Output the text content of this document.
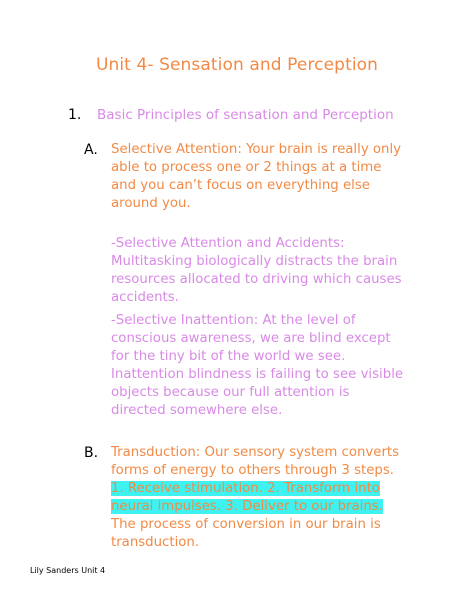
Unit 4- Sensation and Perception
1. Basic Principles of sensation and Perception
A. Selective Attention: Your brain is really only
able to process one or 2 things at a time
and you can’t focus on everything else
around you.
-Selective Attention and Accidents:
Multitasking biologically distracts the brain
resources allocated to driving which causes
accidents.
-Selective Inattention: At the level of
conscious awareness, we are blind except
for the tiny bit of the world we see.
Inattention blindness is failing to see visible
objects because our full attention is
directed somewhere else.
B. Transduction: Our sensory system converts
forms of energy to others through 3 steps.
1. Receive stimulation. 2. Transform into
neural impulses. 3. Deliver to our brains.
The process of conversion in our brain is
transduction.
Lily Sanders Unit 4
